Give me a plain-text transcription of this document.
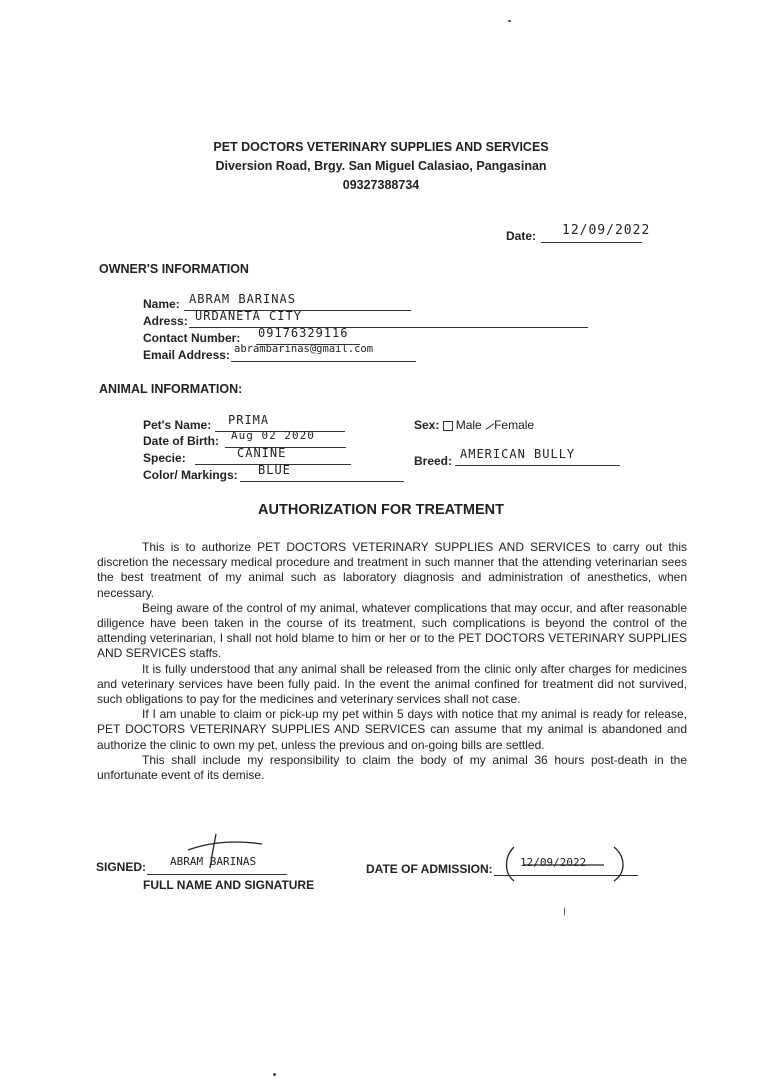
PET DOCTORS VETERINARY SUPPLIES AND SERVICES
Diversion Road, Brgy. San Miguel Calasiao, Pangasinan
09327388734
Date: 12/09/2022
OWNER'S INFORMATION
Name: ABRAM BARINAS
Adress: URDANETA CITY
Contact Number: 09176329116
Email Address: abrambarinas@gmail.com
ANIMAL INFORMATION:
Pet's Name: PRIMA
Date of Birth: Aug 02 2020
Specie:	CANINE
Color/ Markings: BLUE
Sex: Male Female
Breed: AMERICAN BULLY
AUTHORIZATION FOR TREATMENT

This is to authorize PET DOCTORS VETERINARY SUPPLIES AND SERVICES to carry out this discretion the necessary medical procedure and treatment in such manner that the attending veterinarian sees the best treatment of my animal such as laboratory diagnosis and administration of anesthetics, when necessary.

Being aware of the control of my animal, whatever complications that may occur, and after reasonable diligence have been taken in the course of its treatment, such complications is beyond the control of the attending veterinarian, I shall not hold blame to him or her or to the PET DOCTORS VETERINARY SUPPLIES AND SERVICES staffs.

It is fully understood that any animal shall be released from the clinic only after charges for medicines and veterinary services have been fully paid. In the event the animal confined for treatment did not survived, such obligations to pay for the medicines and veterinary services shall not case.

If I am unable to claim or pick-up my pet within 5 days with notice that my animal is ready for release, PET DOCTORS VETERINARY SUPPLIES AND SERVICES can assume that my animal is abandoned and authorize the clinic to own my pet, unless the previous and on-going bills are settled.

This shall include my responsibility to claim the body of my animal 36 hours post-death in the unfortunate event of its demise.

SIGNED: ABRAM BARINAS
FULL NAME AND SIGNATURE
DATE OF ADMISSION: 12/09/2022
